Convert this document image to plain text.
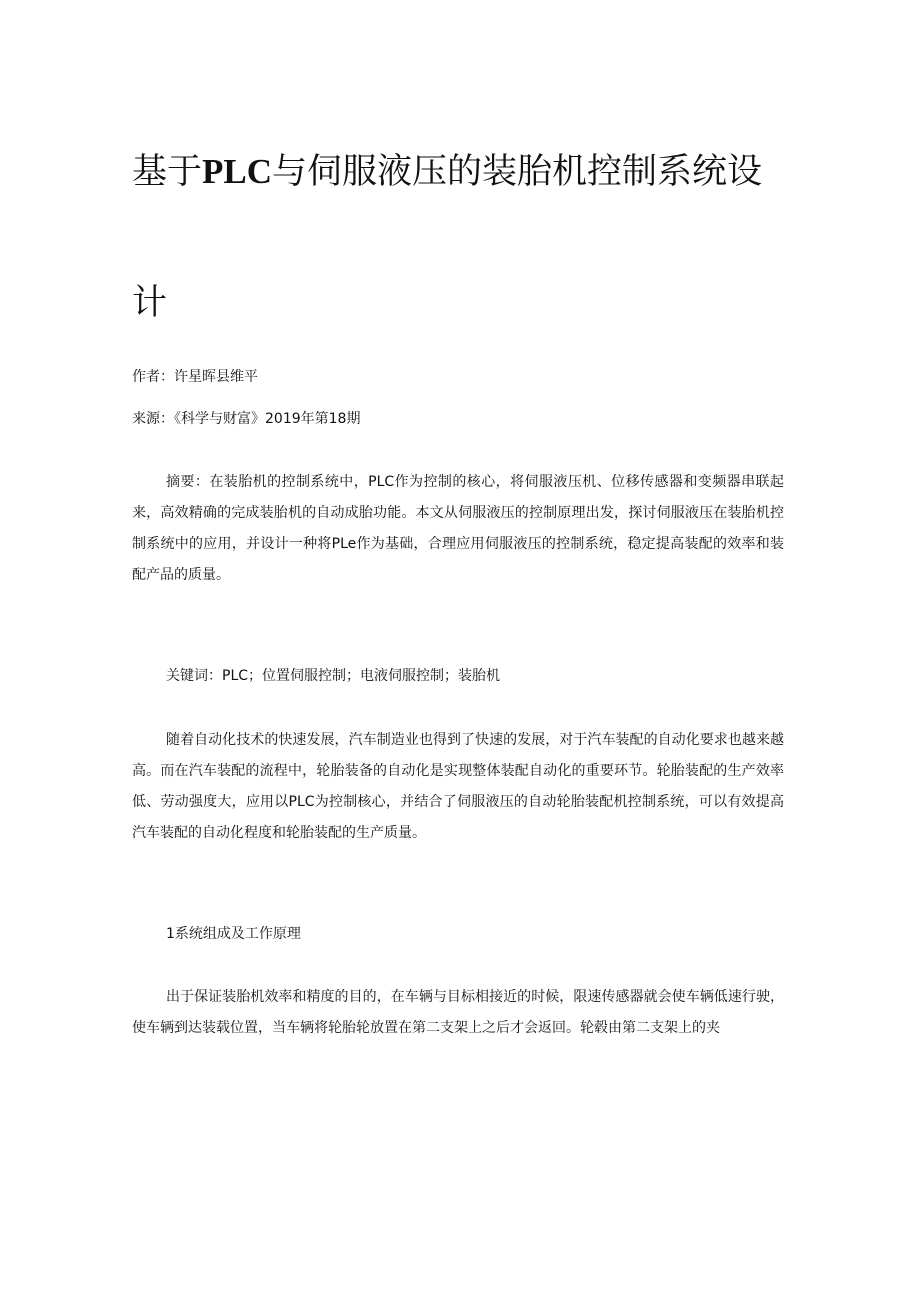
基于PLC与伺服液压的装胎机控制系统设
计
作者：许星晖县维平
来源：《科学与财富》2019年第18期

摘要：在装胎机的控制系统中，PLC作为控制的核心，将伺服液压机、位移传感器和变频器串联起来，高效精确的完成装胎机的自动成胎功能。本文从伺服液压的控制原理出发，探讨伺服液压在装胎机控制系统中的应用，并设计一种将PLe作为基础，合理应用伺服液压的控制系统，稳定提高装配的效率和装配产品的质量。

关键词：PLC；位置伺服控制；电液伺服控制；装胎机

随着自动化技术的快速发展，汽车制造业也得到了快速的发展，对于汽车装配的自动化要求也越来越高。而在汽车装配的流程中，轮胎装备的自动化是实现整体装配自动化的重要环节。轮胎装配的生产效率低、劳动强度大，应用以PLC为控制核心，并结合了伺服液压的自动轮胎装配机控制系统，可以有效提高汽车装配的自动化程度和轮胎装配的生产质量。

1系统组成及工作原理

出于保证装胎机效率和精度的目的，在车辆与目标相接近的时候，限速传感器就会使车辆低速行驶，使车辆到达装载位置，当车辆将轮胎轮放置在第二支架上之后才会返回。轮毂由第二支架上的夹
